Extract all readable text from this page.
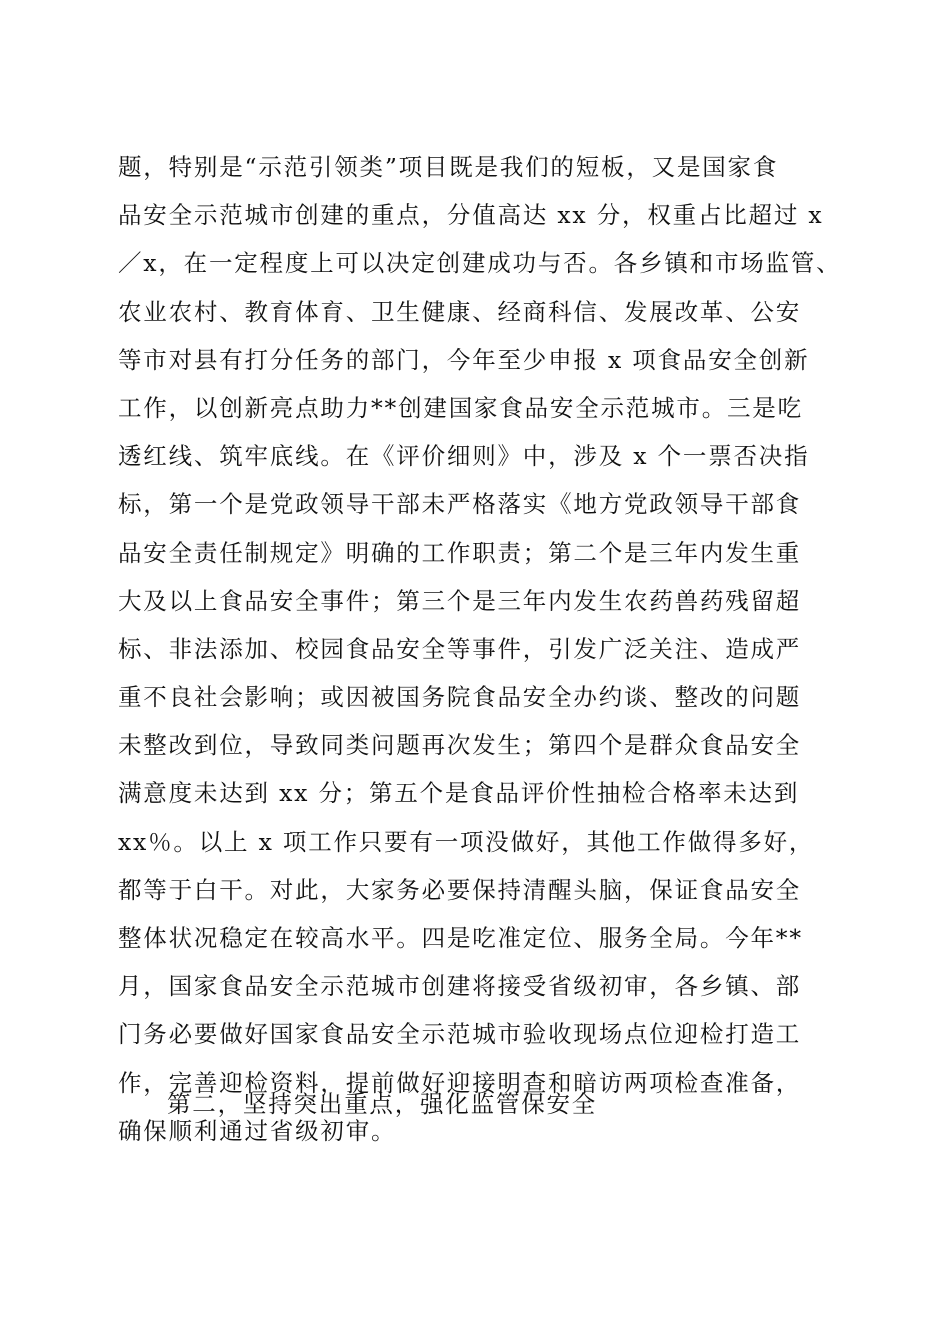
题，特别是“示范引领类”项目既是我们的短板，又是国家食
品安全示范城市创建的重点，分值高达 xx 分，权重占比超过 x
／x，在一定程度上可以决定创建成功与否。各乡镇和市场监管、
农业农村、教育体育、卫生健康、经商科信、发展改革、公安
等市对县有打分任务的部门，今年至少申报 x 项食品安全创新
工作，以创新亮点助力**创建国家食品安全示范城市。三是吃
透红线、筑牢底线。在《评价细则》中，涉及 x 个一票否决指
标，第一个是党政领导干部未严格落实《地方党政领导干部食
品安全责任制规定》明确的工作职责；第二个是三年内发生重
大及以上食品安全事件；第三个是三年内发生农药兽药残留超
标、非法添加、校园食品安全等事件，引发广泛关注、造成严
重不良社会影响；或因被国务院食品安全办约谈、整改的问题
未整改到位，导致同类问题再次发生；第四个是群众食品安全
满意度未达到 xx 分；第五个是食品评价性抽检合格率未达到
xx％。以上 x 项工作只要有一项没做好，其他工作做得多好，
都等于白干。对此，大家务必要保持清醒头脑，保证食品安全
整体状况稳定在较高水平。四是吃准定位、服务全局。今年**
月，国家食品安全示范城市创建将接受省级初审，各乡镇、部
门务必要做好国家食品安全示范城市验收现场点位迎检打造工
作，完善迎检资料，提前做好迎接明查和暗访两项检查准备，
确保顺利通过省级初审。
第二，坚持突出重点，强化监管保安全
